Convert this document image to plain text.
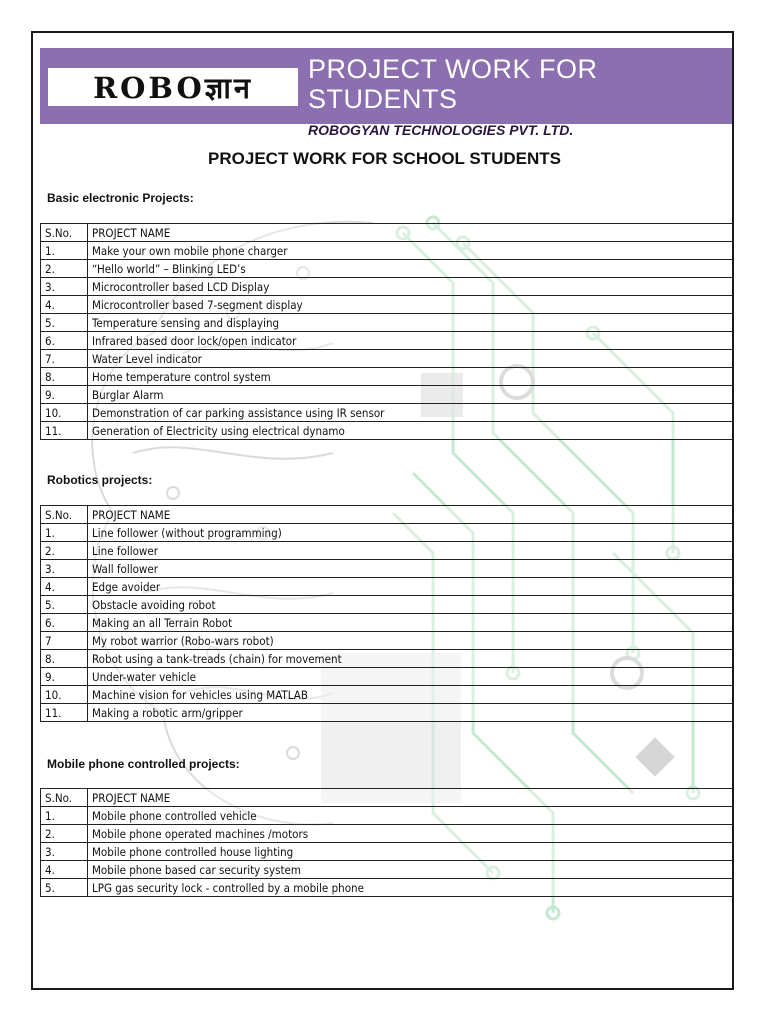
ROBOज्ञान
PROJECT WORK FOR STUDENTS
ROBOGYAN TECHNOLOGIES PVT. LTD.
PROJECT WORK FOR SCHOOL STUDENTS
Basic electronic Projects:
S.No.	PROJECT NAME
1.	Make your own mobile phone charger
2.	“Hello world” – Blinking LED’s
3.	Microcontroller based LCD Display
4.	Microcontroller based 7-segment display
5.	Temperature sensing and displaying
6.	Infrared based door lock/open indicator
7.	Water Level indicator
8.	Home temperature control system
9.	Burglar Alarm
10.	Demonstration of car parking assistance using IR sensor
11.	Generation of Electricity using electrical dynamo
Robotics projects:
S.No.	PROJECT NAME
1.	Line follower (without programming)
2.	Line follower
3.	Wall follower
4.	Edge avoider
5.	Obstacle avoiding robot
6.	Making an all Terrain Robot
7	My robot warrior (Robo-wars robot)
8.	Robot using a tank-treads (chain) for movement
9.	Under-water vehicle
10.	Machine vision for vehicles using MATLAB
11.	Making a robotic arm/gripper
Mobile phone controlled projects:
S.No.	PROJECT NAME
1.	Mobile phone controlled vehicle
2.	Mobile phone operated machines /motors
3.	Mobile phone controlled house lighting
4.	Mobile phone based car security system
5.	LPG gas security lock - controlled by a mobile phone
